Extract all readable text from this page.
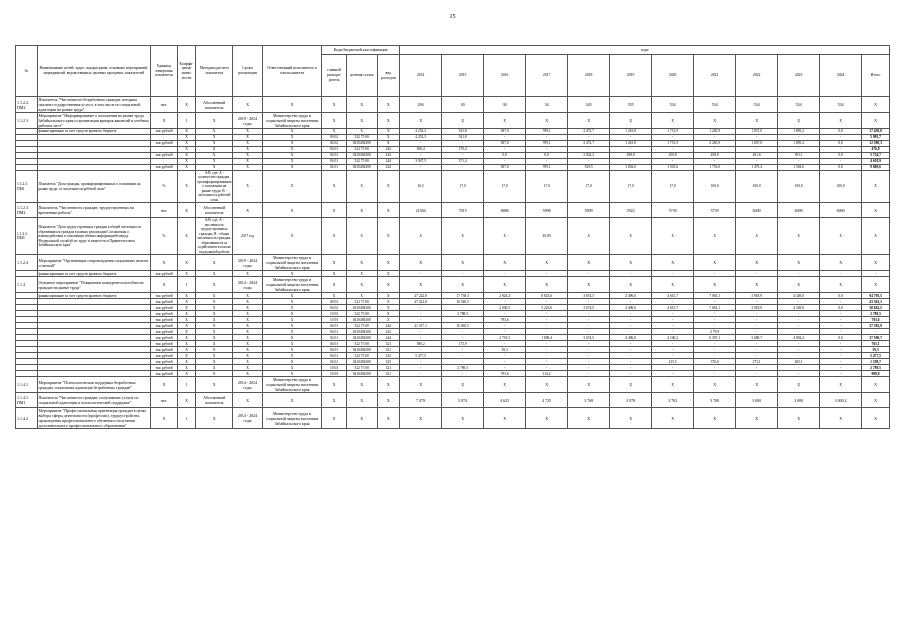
15
№	Наименование целей, задач, подпрограмм, основных мероприятий, мероприятий, ведомственных целевых программ, показателей	Единица измерения показателя	Коэффи-циент значи-мости	Методика расчета показателя	Сроки реализации	Ответственный исполнитель и соисполнители	Коды бюджетной классификации			годы											
							главный распоря-дитель	целевая статья	вид расходов	2014	2015	2016	2017	2018	2019	2020	2021	2022	2023	2024	Итого
1.1.2.2. ПМ2	Показатель "Численность безработных граждан, которым оказана государственная услуга, в том числе по социальной адаптации на рынке труда"	чел.	X	Абсолютный показатель	X	X	X	X	X	294	30	30	34	345	355	534	534	534	534	534	X
1.1.2.3	Мероприятие "Информирование о положении на рынке труда Забайкальского края и организация ярмарок вакансий и учебных рабочих мест"	X	1	X	2019 - 2024 годы	Министерство труда и социальной защиты населения Забайкальского края	X	X	X	X	X	X	X	X	X	X	X	X	X	X	X
	финансирование за счет средств краевого бюджета	тыс.рублей	X	X	X	X	X	X	X	4 253,3	541,8	387,0	789,1	2 472,7	1 261,8	1 751,9	1 265,9	1 837,0	1 895,2	0,0	17 458,8
			X	X	X	X	00 02	522 75 00	X	4 253,3	541,8	-	-	-	-	-	-	-	-	-	5 095,7
		тыс.рублей	X	X	X	X	04 02	0410494300	X	-	-	387,0	789,1	2 472,7	1 261,8	1 751,9	2 265,9	1 837,0	1 895,2	0,0	12 390,3
			X	X	X	X	04 01	522 75 00	242	306,4	170,4	-	-	-	-	-	-	-	-	-	476,8
		тыс.рублей	X	X	X	X	04 01	0410494300	242	-	-	0,0	0,0	2 042,2	298,0	250,8	458,8	261,6	391,1	0,0	5 734,7
			X	X	X	X	04 01	522 75 00	244	3 947,5	371,4	-	-	-	-	-	-	-	-	-	4 618,9
		тыс.рублей	X	X	X	X	04 01	0410494300	244	-	-	387,0	789,1	529,5	1 002,0	1 501,6	1 753,0	1 475,4	1 504,0	0,0	9 680,6
1.1.2.3. ПМ1	Показатель "Доля граждан, проинформированных о положении на рынке труда, от численности рабочей силы"	%	X	А/В, где: А - количество граждан, проинформированных о положении на рынке труда; В - численность рабочей силы	X	X	X	X	X	16,5	17,0	17,0	17,0	17,0	17,0	17,0	100,0	100,0	100,0	100,0	X
1.1.2.3. ПМ2	Показатель "Численность граждан, трудоустроенных на временные работы"	чел.	X	Абсолютный показатель	X	X	X	X	X	21564	7815	6886	5908	5909	5922	5739	5739	6000	6000	6000	X
1.1.2.3. ПМ3	Показатель "Доля трудоустроенных граждан в общей численности обратившихся граждан в рамках реализации Соглашения о взаимодействии в отношении обмена информацией между Федеральной службой по труду и занятости и Правительством Забайкальского края"	%	X	А/В, где: А - численность трудоустроенных граждан; В - общая численность граждан, обратившихся за содействием в поиске подходящей работы	2017 год	X	X	X	X	X	X	X	45,09	X	X	X	X	X	X	X	X
1.1.2.4	Мероприятие "Организация сопровождения социальных выплат и пенсий"	X	X	X	2019 - 2024 годы	Министерство труда и социальной защиты населения Забайкальского края	X	X	X	X	X	X	X	X	X	X	X	X	X	X	X
	финансирование за счет средств краевого бюджета	тыс.рублей	X	X	X	X	X	X	X	-	-	-	-	-	-	-	-	-	-	-	-
1.1.4	Основное мероприятие "Повышение конкурентоспособности граждан на рынке труда"	X	1	X	2014 - 2024 годы	Министерство труда и социальной защиты населения Забайкальского края	X	X	X	X	X	X	X	X	X	X	X	X	X	X	X
	финансирование за счет средств краевого бюджета	тыс.рублей	X	X	X	X	X	X	X	27 222,8	17 738,3	2 824,4	8 823,6	3 674,5	4 496,0	4 615,7	7 063,1	3 918,9	4 349,0	0,0	94 795,5
		тыс.рублей	X	X	X	X	00 02	522 75 00	X	27 222,8	16 540,5	-	-	-	-	-	-	-	-	-	43 363,3
		тыс.рублей	X	X	X	X	04 02	0410494300	X	-	-	2 030,5	5 223,6	3 674,5	4 496,0	4 615,7	7 063,1	3 918,9	4 349,0	0,0	38 842,5
		тыс.рублей	X	X	X	X	10 03	522 75 00	X	-	2 788,5	-	-	-	-	-	-	-	-	-	2 789,5
		тыс.рублей	X	X	X	X	10 03	0410494300	X	-	-	793,6	-	-	-	-	-	-	-	-	793,6
		тыс.рублей	X	X	X	X	04 01	522 75 00	244	21 317,1	16 065,5	-	-	-	-	-	-	-	-	-	37 382,9
		тыс.рублей	X	X	X	X	04 01	0410494300	242	-	-	-	-	-	-	-	2 79,9	-	-	-	-
		тыс.рублей	X	X	X	X	04 01	0410494300	244	-	-	2 791,5	1 808,4	3 674,5	4 496,0	4 106,2	6 307,1	3 680,7	4 804,2	0,0	37 590,7
		тыс.рублей	X	X	X	X	04 01	522 75 00	321	580,2	175,9	-	-	-	-	-	-	-	-	-	765,1
		тыс.рублей	X	X	X	X	04 01	0410494300	321	-	-	39,3	-	-	-	-	-	-	-	-	39,3
		тыс.рублей	X	X	X	X	04 01	522 75 00	323	5 477,5	-	-	-	-	-	-	-	-	-	-	5 477,5
		тыс.рублей	X	X	X	X	04 01	0410494300	323	-	-	-	-	-	-	215,5	376,0	273,1	283,1	-	1 198,7
		тыс.рублей	X	X	X	X	10 03	522 75 00	321	-	2 789,5	-	-	-	-	-	-	-	-	-	2 789,5
		тыс.рублей	X	X	X	X	10 03	0410494300	321	-	-	793,6	114,2	-	-	-	-	-	-	-	908,8
1.1.4.1	Мероприятие "Психологическая поддержка безработных граждан, социальная адаптация безработных граждан"	X	1	X	2014 - 2024 годы	Министерство труда и социальной защиты населения Забайкальского края	X	X	X	X	X	X	X	X	X	X	X	X	X	X	X
1.1.4.1. ПМ1	Показатель "Численность граждан, получивших услуги по социальной адаптации и психологической поддержке"	чел.	X	Абсолютный показатель	X	X	X	X	X	7 479	5 874	4 625	4 725	3 768	3 978	3 702	3 700	3 000	3 000	3 000,2	X
1.1.4.2	Мероприятие "Профессиональная ориентация граждан в целях выбора сферы деятельности (профессии), трудоустройства, прохождения профессионального обучения и получения дополнительного профессионального образования"	X	1	X	2014 - 2024 годы	Министерство труда и социальной защиты населения Забайкальского края	X	X	X	X	X	X	X	X	X	X	X	X	X	X	X
